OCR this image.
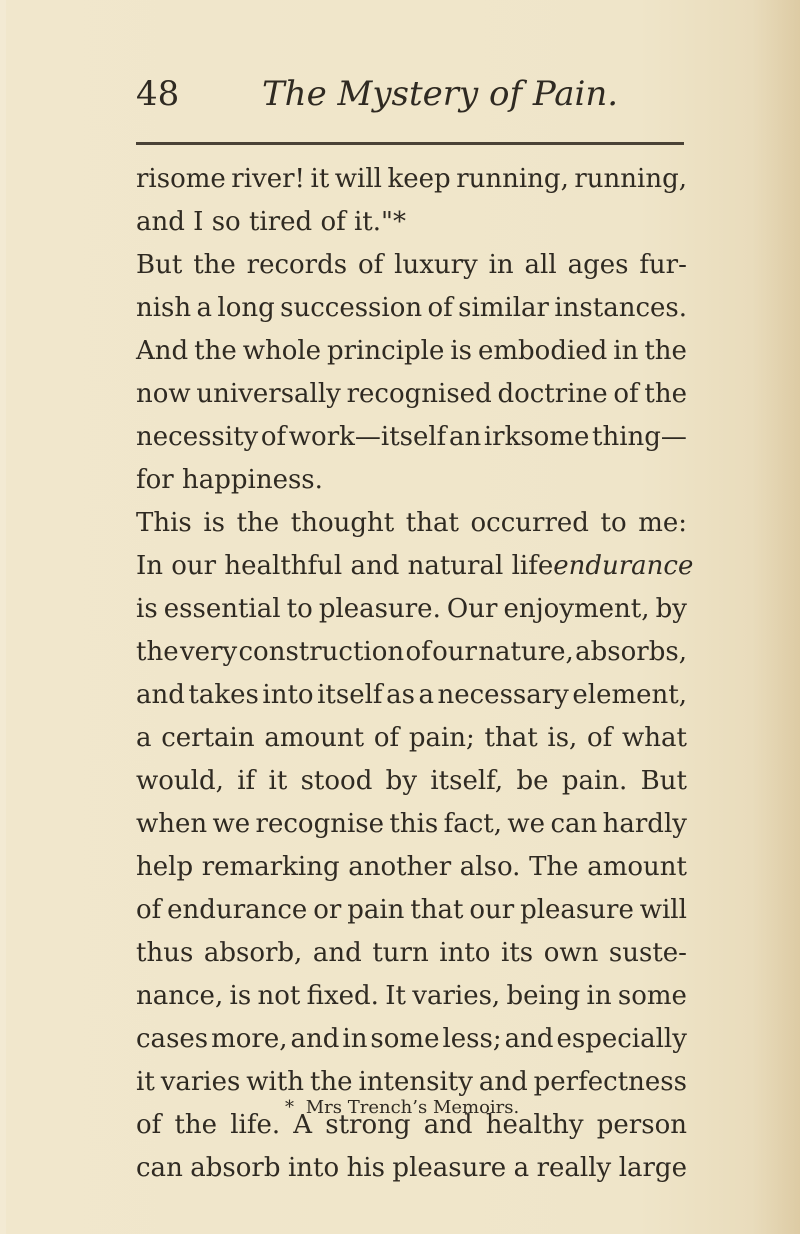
48 The Mystery of Pain.
risome river! it will keep running, running,
and I so tired of it."*
But the records of luxury in all ages fur-
nish a long succession of similar instances.
And the whole principle is embodied in the
now universally recognised doctrine of the
necessity of work—itself an irksome thing—
for happiness.
This is the thought that occurred to me:
In our healthful and natural life endurance
is essential to pleasure. Our enjoyment, by
the very construction of our nature, absorbs,
and takes into itself as a necessary element,
a certain amount of pain; that is, of what
would, if it stood by itself, be pain. But
when we recognise this fact, we can hardly
help remarking another also. The amount
of endurance or pain that our pleasure will
thus absorb, and turn into its own suste-
nance, is not fixed. It varies, being in some
cases more, and in some less; and especially
it varies with the intensity and perfectness
of the life. A strong and healthy person
can absorb into his pleasure a really large
* Mrs Trench’s Memoirs.
